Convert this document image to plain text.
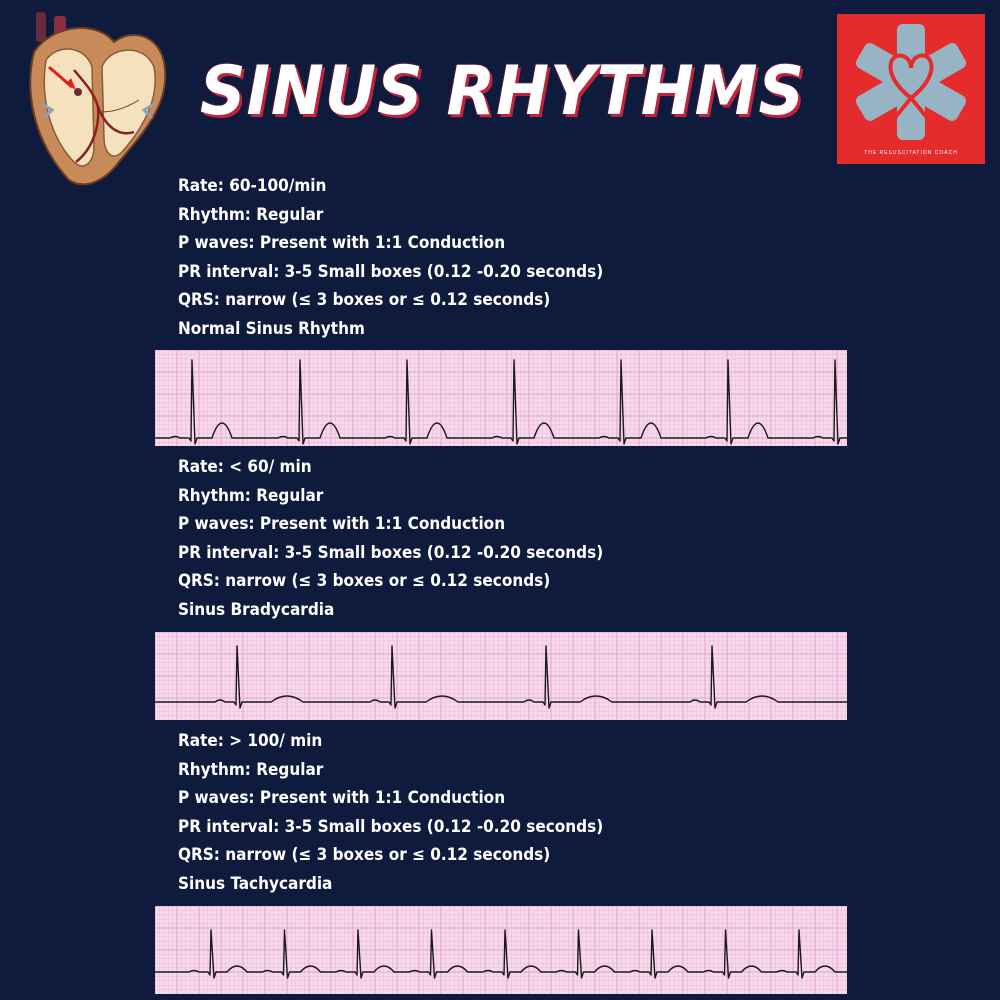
SINUS RHYTHMS
THE RESUSCITATION COACH
Rate: 60-100/min
Rhythm: Regular
P waves: Present with 1:1 Conduction
PR interval: 3-5 Small boxes (0.12 -0.20 seconds)
QRS: narrow (≤ 3 boxes or ≤ 0.12 seconds)
Normal Sinus Rhythm
Rate: < 60/ min
Rhythm: Regular
P waves: Present with 1:1 Conduction
PR interval: 3-5 Small boxes (0.12 -0.20 seconds)
QRS: narrow (≤ 3 boxes or ≤ 0.12 seconds)
Sinus Bradycardia
Rate: > 100/ min
Rhythm: Regular
P waves: Present with 1:1 Conduction
PR interval: 3-5 Small boxes (0.12 -0.20 seconds)
QRS: narrow (≤ 3 boxes or ≤ 0.12 seconds)
Sinus Tachycardia
